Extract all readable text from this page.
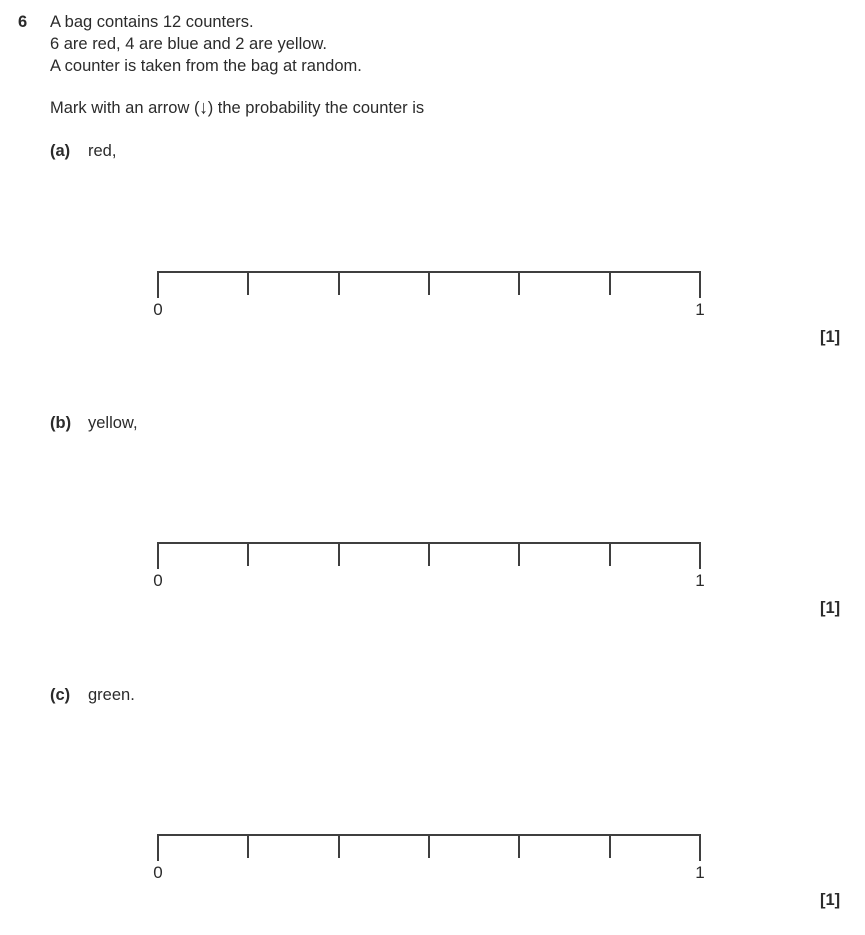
6 A bag contains 12 counters.
6 are red, 4 are blue and 2 are yellow.
A counter is taken from the bag at random.
Mark with an arrow (↓) the probability the counter is
(a) red,
0	1
[1]
(b) yellow,
0	1
[1]
(c) green.
0	1
[1]
